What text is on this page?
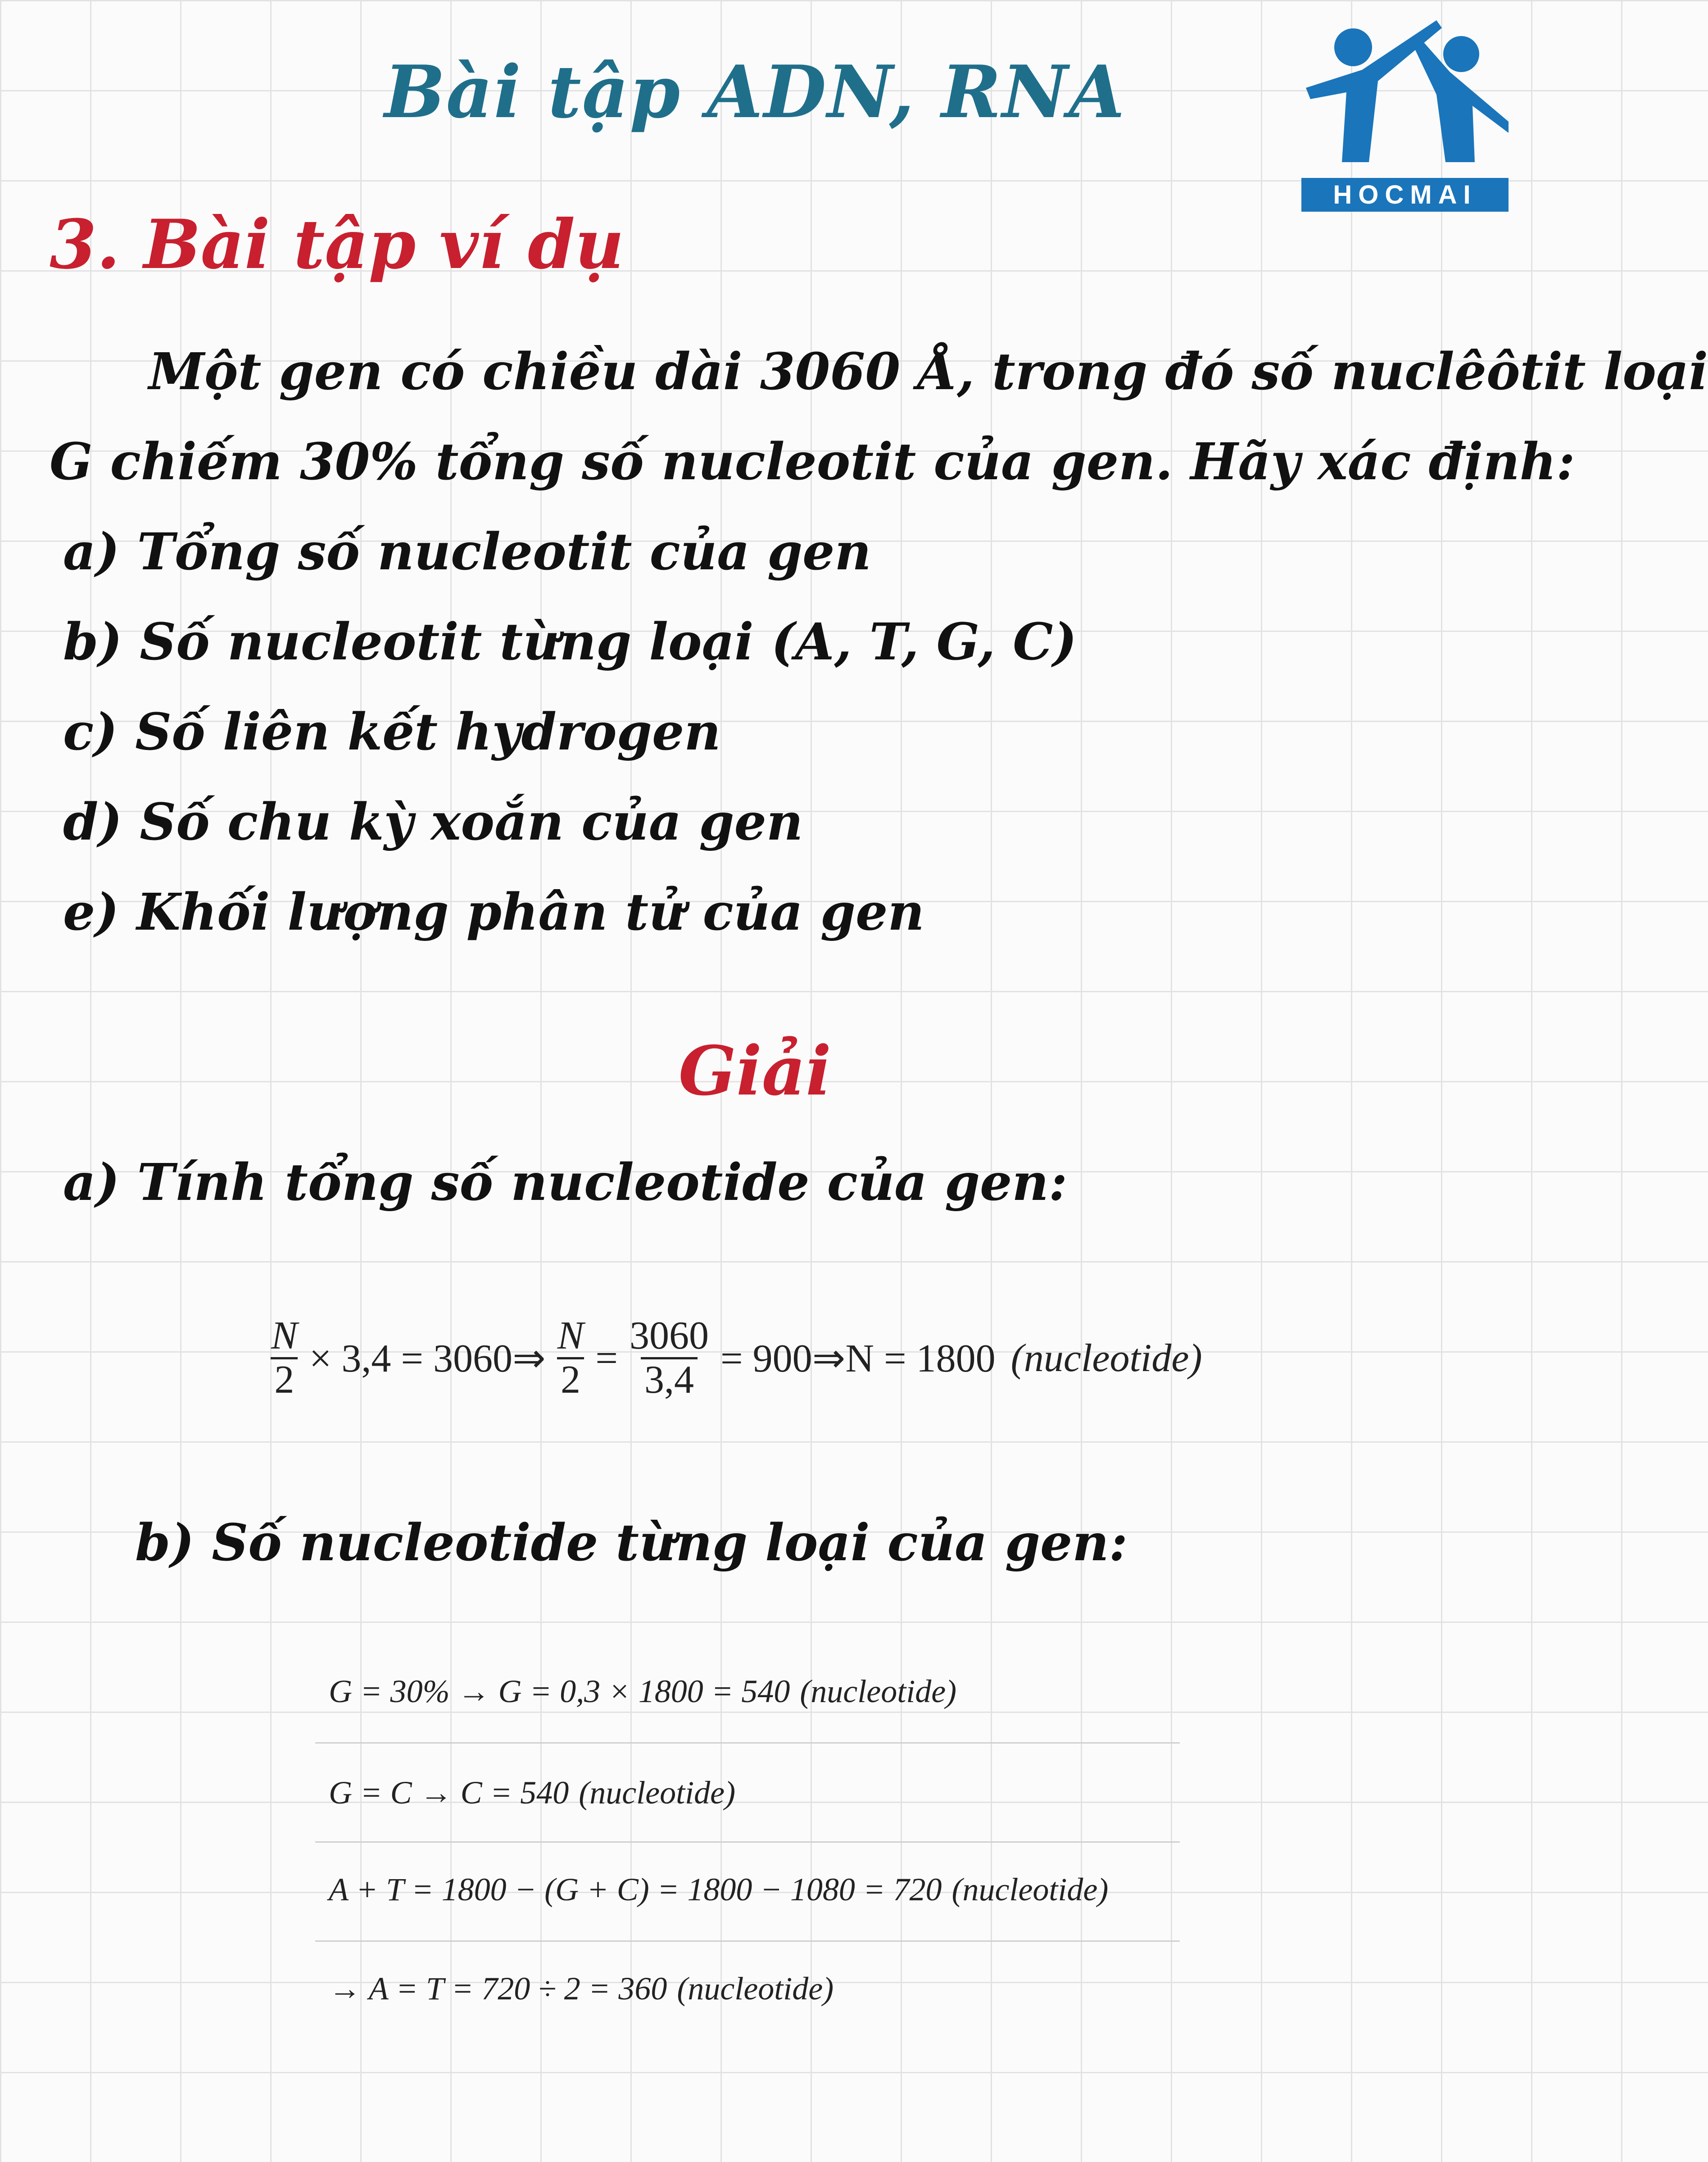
Bài tập ADN, RNA
HOCMAI
3. Bài tập ví dụ
Một gen có chiều dài 3060 Å, trong đó số nuclêôtit loại
G chiếm 30% tổng số nucleotit của gen. Hãy xác định:
a) Tổng số nucleotit của gen
b) Số nucleotit từng loại (A, T, G, C)
c) Số liên kết hydrogen
d) Số chu kỳ xoắn của gen
e) Khối lượng phân tử của gen
Giải
a) Tính tổng số nucleotide của gen:
$\frac{N}{2} \times 3,4$ = 3060⇒ $\frac{N}{2} = \frac{3060}{3,4}$ = 900⇒N = 1800 (nucleotide)
b) Số nucleotide từng loại của gen:
G = 30% → G = 0,3 × 1800 = 540 (nucleotide)
G = C → C = 540 (nucleotide)
A + T = 1800 − (G + C) = 1800 − 1080 = 720 (nucleotide)
→ A = T = 720 ÷ 2 = 360 (nucleotide)
